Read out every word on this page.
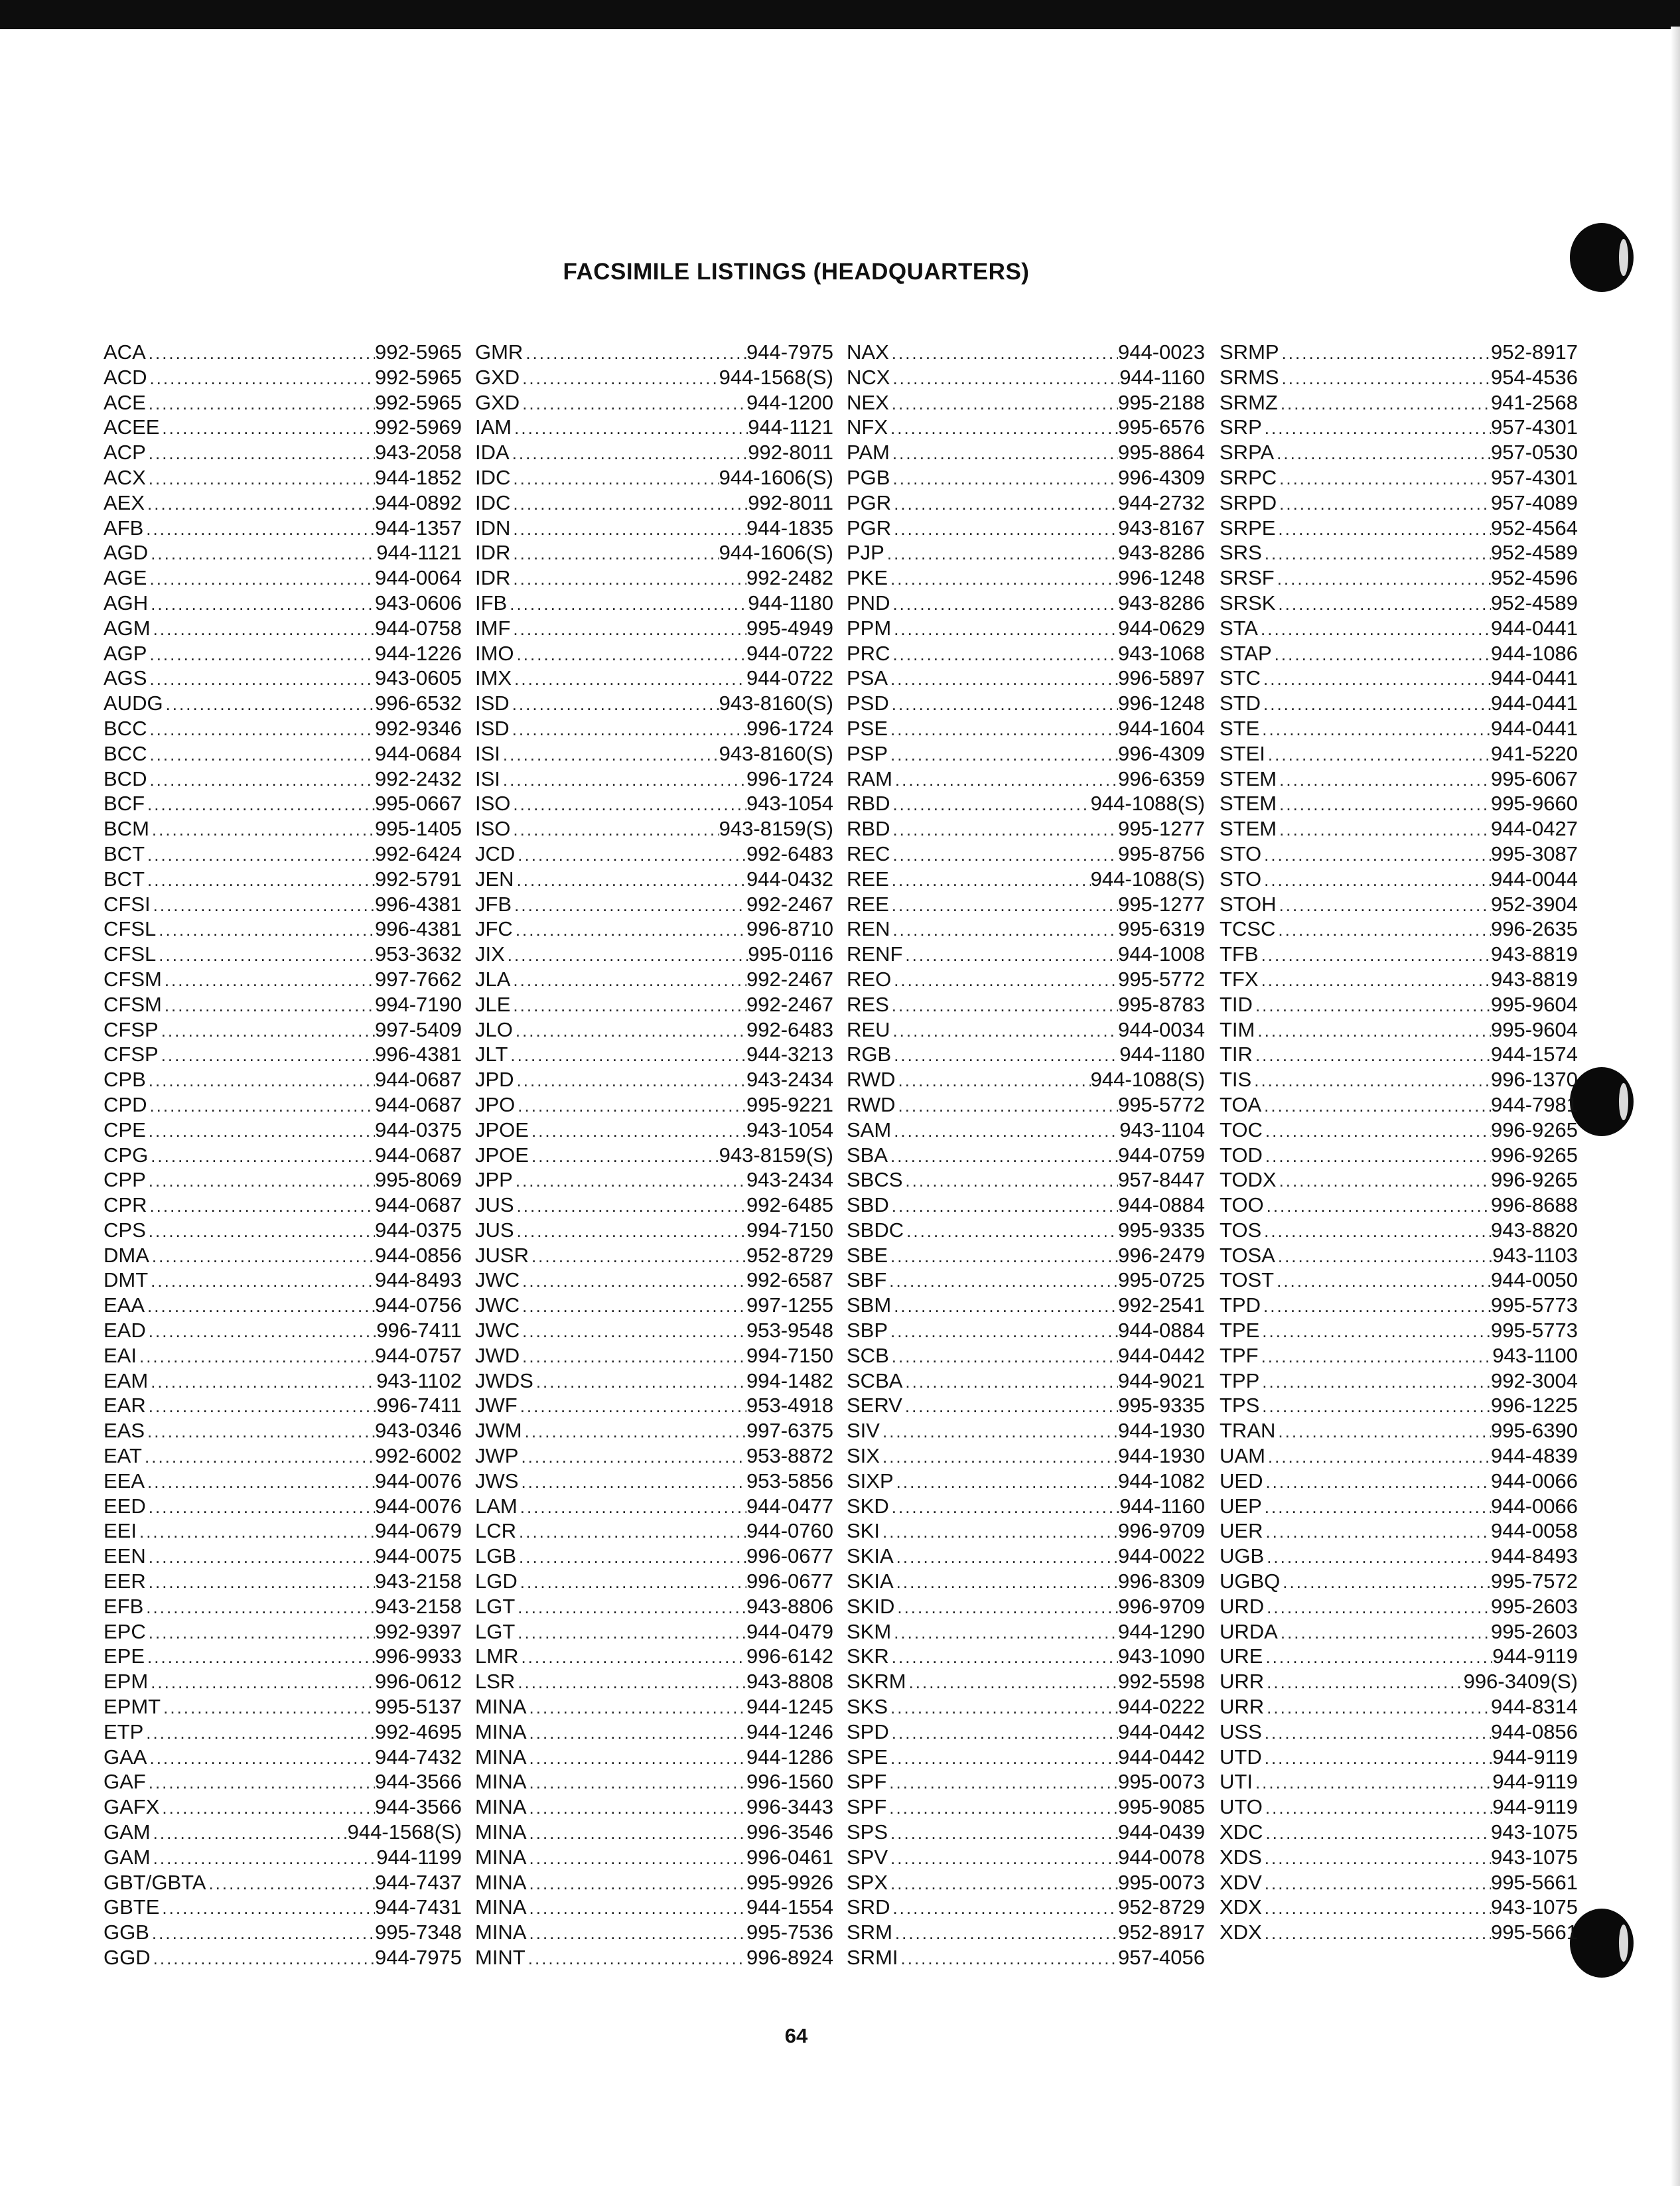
FACSIMILE LISTINGS (HEADQUARTERS)
ACA .....	992-5965
ACD .....	992-5965
ACE .....	992-5965
ACEE .....	992-5969
ACP .....	943-2058
ACX .....	944-1852
AEX .....	944-0892
AFB .....	944-1357
AGD .....	944-1121
AGE .....	944-0064
AGH .....	943-0606
AGM .....	944-0758
AGP .....	944-1226
AGS .....	943-0605
AUDG .....	996-6532
BCC .....	992-9346
BCC .....	944-0684
BCD .....	992-2432
BCF .....	995-0667
BCM .....	995-1405
BCT .....	992-6424
BCT .....	992-5791
CFSI .....	996-4381
CFSL .....	996-4381
CFSL .....	953-3632
CFSM .....	997-7662
CFSM .....	994-7190
CFSP .....	997-5409
CFSP .....	996-4381
CPB .....	944-0687
CPD .....	944-0687
CPE .....	944-0375
CPG .....	944-0687
CPP .....	995-8069
CPR .....	944-0687
CPS .....	944-0375
DMA .....	944-0856
DMT .....	944-8493
EAA .....	944-0756
EAD .....	996-7411
EAI .....	944-0757
EAM .....	943-1102
EAR .....	996-7411
EAS .....	943-0346
EAT .....	992-6002
EEA .....	944-0076
EED .....	944-0076
EEI .....	944-0679
EEN .....	944-0075
EER .....	943-2158
EFB .....	943-2158
EPC .....	992-9397
EPE .....	996-9933
EPM .....	996-0612
EPMT .....	995-5137
ETP .....	992-4695
GAA .....	944-7432
GAF .....	944-3566
GAFX .....	944-3566
GAM .....	944-1568(S)
GAM .....	944-1199
GBT/GBTA .....	944-7437
GBTE .....	944-7431
GGB .....	995-7348
GGD .....	944-7975
GMR .....	944-7975
GXD .....	944-1568(S)
GXD .....	944-1200
IAM .....	944-1121
IDA .....	992-8011
IDC .....	944-1606(S)
IDC .....	992-8011
IDN .....	944-1835
IDR .....	944-1606(S)
IDR .....	992-2482
IFB .....	944-1180
IMF .....	995-4949
IMO .....	944-0722
IMX .....	944-0722
ISD .....	943-8160(S)
ISD .....	996-1724
ISI .....	943-8160(S)
ISI .....	996-1724
ISO .....	943-1054
ISO .....	943-8159(S)
JCD .....	992-6483
JEN .....	944-0432
JFB .....	992-2467
JFC .....	996-8710
JIX .....	995-0116
JLA .....	992-2467
JLE .....	992-2467
JLO .....	992-6483
JLT .....	944-3213
JPD .....	943-2434
JPO .....	995-9221
JPOE .....	943-1054
JPOE .....	943-8159(S)
JPP .....	943-2434
JUS .....	992-6485
JUS .....	994-7150
JUSR .....	952-8729
JWC .....	992-6587
JWC .....	997-1255
JWC .....	953-9548
JWD .....	994-7150
JWDS .....	994-1482
JWF .....	953-4918
JWM .....	997-6375
JWP .....	953-8872
JWS .....	953-5856
LAM .....	944-0477
LCR .....	944-0760
LGB .....	996-0677
LGD .....	996-0677
LGT .....	943-8806
LGT .....	944-0479
LMR .....	996-6142
LSR .....	943-8808
MINA .....	944-1245
MINA .....	944-1246
MINA .....	944-1286
MINA .....	996-1560
MINA .....	996-3443
MINA .....	996-3546
MINA .....	996-0461
MINA .....	995-9926
MINA .....	944-1554
MINA .....	995-7536
MINT .....	996-8924
NAX .....	944-0023
NCX .....	944-1160
NEX .....	995-2188
NFX .....	995-6576
PAM .....	995-8864
PGB .....	996-4309
PGR .....	944-2732
PGR .....	943-8167
PJP .....	943-8286
PKE .....	996-1248
PND .....	943-8286
PPM .....	944-0629
PRC .....	943-1068
PSA .....	996-5897
PSD .....	996-1248
PSE .....	944-1604
PSP .....	996-4309
RAM .....	996-6359
RBD .....	944-1088(S)
RBD .....	995-1277
REC .....	995-8756
REE .....	944-1088(S)
REE .....	995-1277
REN .....	995-6319
RENF .....	944-1008
REO .....	995-5772
RES .....	995-8783
REU .....	944-0034
RGB .....	944-1180
RWD .....	944-1088(S)
RWD .....	995-5772
SAM .....	943-1104
SBA .....	944-0759
SBCS .....	957-8447
SBD .....	944-0884
SBDC .....	995-9335
SBE .....	996-2479
SBF .....	995-0725
SBM .....	992-2541
SBP .....	944-0884
SCB .....	944-0442
SCBA .....	944-9021
SERV .....	995-9335
SIV .....	944-1930
SIX .....	944-1930
SIXP .....	944-1082
SKD .....	944-1160
SKI .....	996-9709
SKIA .....	944-0022
SKIA .....	996-8309
SKID .....	996-9709
SKM .....	944-1290
SKR .....	943-1090
SKRM .....	992-5598
SKS .....	944-0222
SPD .....	944-0442
SPE .....	944-0442
SPF .....	995-0073
SPF .....	995-9085
SPS .....	944-0439
SPV .....	944-0078
SPX .....	995-0073
SRD .....	952-8729
SRM .....	952-8917
SRMI .....	957-4056
SRMP .....	952-8917
SRMS .....	954-4536
SRMZ .....	941-2568
SRP .....	957-4301
SRPA .....	957-0530
SRPC .....	957-4301
SRPD .....	957-4089
SRPE .....	952-4564
SRS .....	952-4589
SRSF .....	952-4596
SRSK .....	952-4589
STA .....	944-0441
STAP .....	944-1086
STC .....	944-0441
STD .....	944-0441
STE .....	944-0441
STEI .....	941-5220
STEM .....	995-6067
STEM .....	995-9660
STEM .....	944-0427
STO .....	995-3087
STO .....	944-0044
STOH .....	952-3904
TCSC .....	996-2635
TFB .....	943-8819
TFX .....	943-8819
TID .....	995-9604
TIM .....	995-9604
TIR .....	944-1574
TIS .....	996-1370
TOA .....	944-7981
TOC .....	996-9265
TOD .....	996-9265
TODX .....	996-9265
TOO .....	996-8688
TOS .....	943-8820
TOSA .....	943-1103
TOST .....	944-0050
TPD .....	995-5773
TPE .....	995-5773
TPF .....	943-1100
TPP .....	992-3004
TPS .....	996-1225
TRAN .....	995-6390
UAM .....	944-4839
UED .....	944-0066
UEP .....	944-0066
UER .....	944-0058
UGB .....	944-8493
UGBQ .....	995-7572
URD .....	995-2603
URDA .....	995-2603
URE .....	944-9119
URR .....	996-3409(S)
URR .....	944-8314
USS .....	944-0856
UTD .....	944-9119
UTI .....	944-9119
UTO .....	944-9119
XDC .....	943-1075
XDS .....	943-1075
XDV .....	995-5661
XDX .....	943-1075
XDX .....	995-5661
64
